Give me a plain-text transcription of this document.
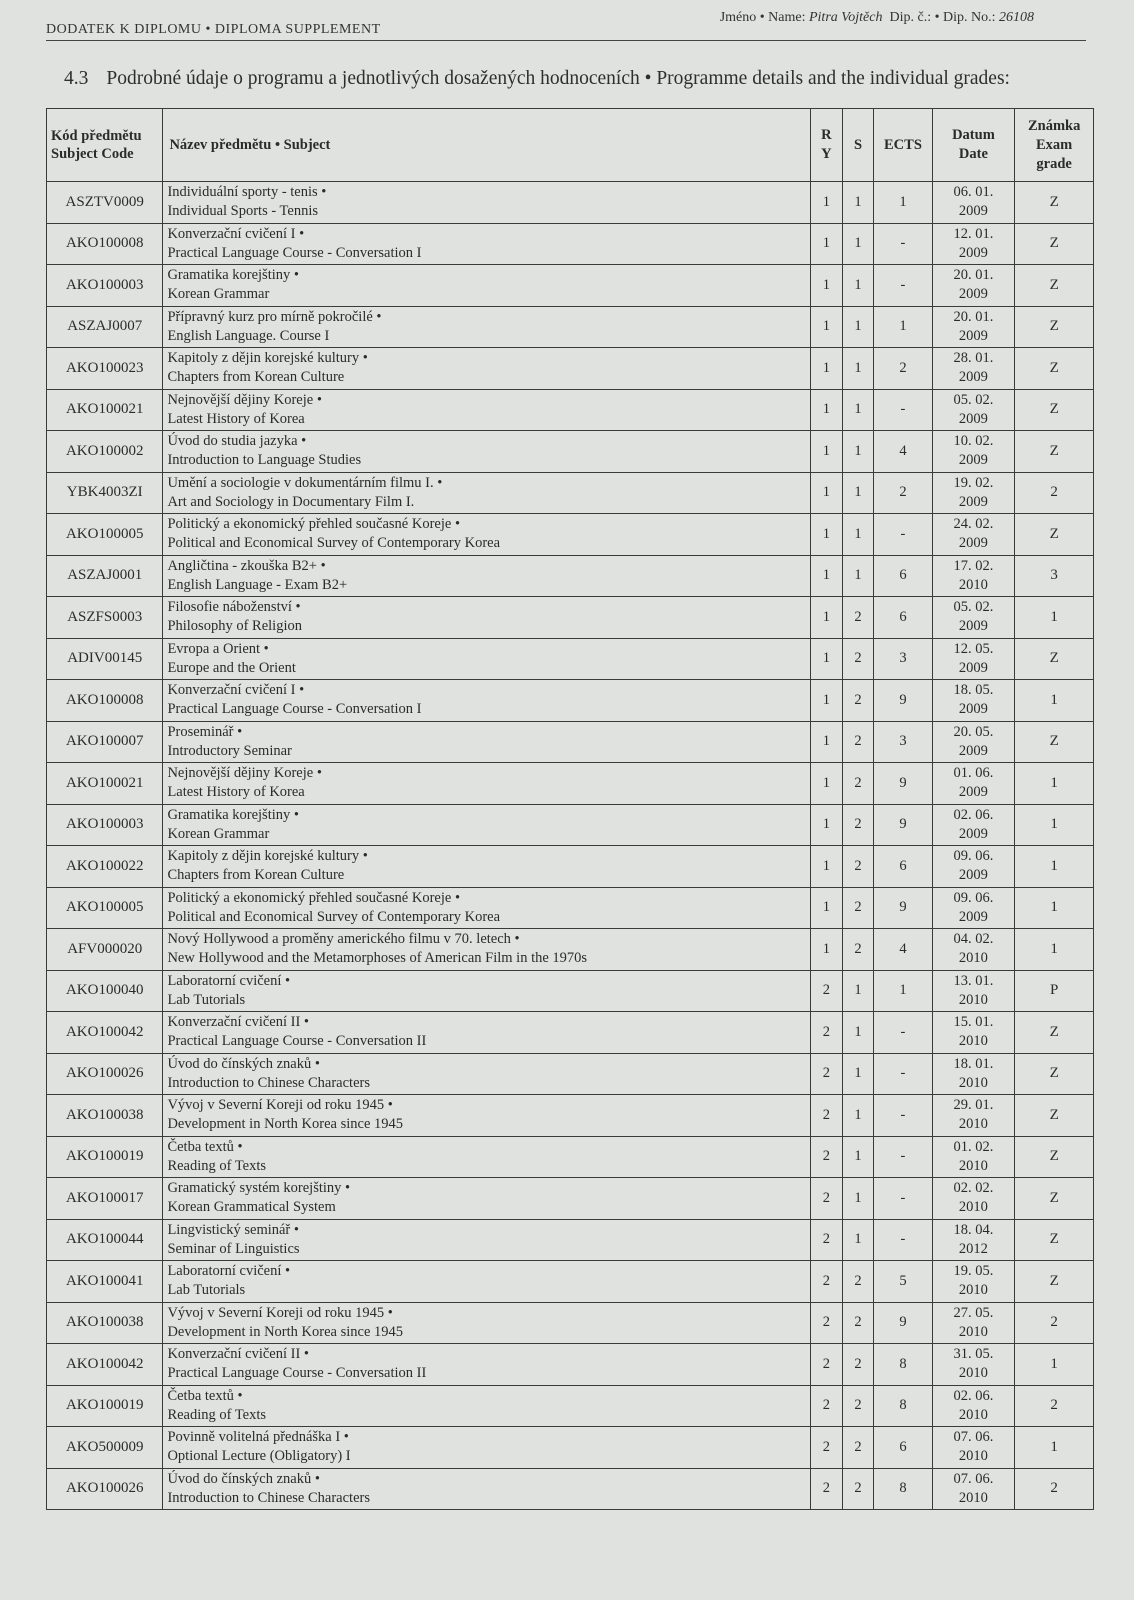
DODATEK K DIPLOMU • DIPLOMA SUPPLEMENT
Jméno • Name: Pitra Vojtěch Dip. č.: • Dip. No.: 26108
4.3 Podrobné údaje o programu a jednotlivých dosažených hodnoceních • Programme details and the individual grades:
Kód předmětu
Subject Code	Název předmětu • Subject	R
Y	S	ECTS	Datum
Date	Známka
Exam
grade

ASZTV0009	Individuální sporty - tenis •
Individual Sports - Tennis	1	1	1	06. 01.
2009	Z
AKO100008	Konverzační cvičení I •
Practical Language Course - Conversation I	1	1	-	12. 01.
2009	Z
AKO100003	Gramatika korejštiny •
Korean Grammar	1	1	-	20. 01.
2009	Z
ASZAJ0007	Přípravný kurz pro mírně pokročilé •
English Language. Course I	1	1	1	20. 01.
2009	Z
AKO100023	Kapitoly z dějin korejské kultury •
Chapters from Korean Culture	1	1	2	28. 01.
2009	Z
AKO100021	Nejnovější dějiny Koreje •
Latest History of Korea	1	1	-	05. 02.
2009	Z
AKO100002	Úvod do studia jazyka •
Introduction to Language Studies	1	1	4	10. 02.
2009	Z
YBK4003ZI	Umění a sociologie v dokumentárním filmu I. •
Art and Sociology in Documentary Film I.	1	1	2	19. 02.
2009	2
AKO100005	Politický a ekonomický přehled současné Koreje •
Political and Economical Survey of Contemporary Korea	1	1	-	24. 02.
2009	Z
ASZAJ0001	Angličtina - zkouška B2+ •
English Language - Exam B2+	1	1	6	17. 02.
2010	3
ASZFS0003	Filosofie náboženství •
Philosophy of Religion	1	2	6	05. 02.
2009	1
ADIV00145	Evropa a Orient •
Europe and the Orient	1	2	3	12. 05.
2009	Z
AKO100008	Konverzační cvičení I •
Practical Language Course - Conversation I	1	2	9	18. 05.
2009	1
AKO100007	Proseminář •
Introductory Seminar	1	2	3	20. 05.
2009	Z
AKO100021	Nejnovější dějiny Koreje •
Latest History of Korea	1	2	9	01. 06.
2009	1
AKO100003	Gramatika korejštiny •
Korean Grammar	1	2	9	02. 06.
2009	1
AKO100022	Kapitoly z dějin korejské kultury •
Chapters from Korean Culture	1	2	6	09. 06.
2009	1
AKO100005	Politický a ekonomický přehled současné Koreje •
Political and Economical Survey of Contemporary Korea	1	2	9	09. 06.
2009	1
AFV000020	Nový Hollywood a proměny amerického filmu v 70. letech •
New Hollywood and the Metamorphoses of American Film in the 1970s	1	2	4	04. 02.
2010	1
AKO100040	Laboratorní cvičení •
Lab Tutorials	2	1	1	13. 01.
2010	P
AKO100042	Konverzační cvičení II •
Practical Language Course - Conversation II	2	1	-	15. 01.
2010	Z
AKO100026	Úvod do čínských znaků •
Introduction to Chinese Characters	2	1	-	18. 01.
2010	Z
AKO100038	Vývoj v Severní Koreji od roku 1945 •
Development in North Korea since 1945	2	1	-	29. 01.
2010	Z
AKO100019	Četba textů •
Reading of Texts	2	1	-	01. 02.
2010	Z
AKO100017	Gramatický systém korejštiny •
Korean Grammatical System	2	1	-	02. 02.
2010	Z
AKO100044	Lingvistický seminář •
Seminar of Linguistics	2	1	-	18. 04.
2012	Z
AKO100041	Laboratorní cvičení •
Lab Tutorials	2	2	5	19. 05.
2010	Z
AKO100038	Vývoj v Severní Koreji od roku 1945 •
Development in North Korea since 1945	2	2	9	27. 05.
2010	2
AKO100042	Konverzační cvičení II •
Practical Language Course - Conversation II	2	2	8	31. 05.
2010	1
AKO100019	Četba textů •
Reading of Texts	2	2	8	02. 06.
2010	2
AKO500009	Povinně volitelná přednáška I •
Optional Lecture (Obligatory) I	2	2	6	07. 06.
2010	1
AKO100026	Úvod do čínských znaků •
Introduction to Chinese Characters	2	2	8	07. 06.
2010	2
